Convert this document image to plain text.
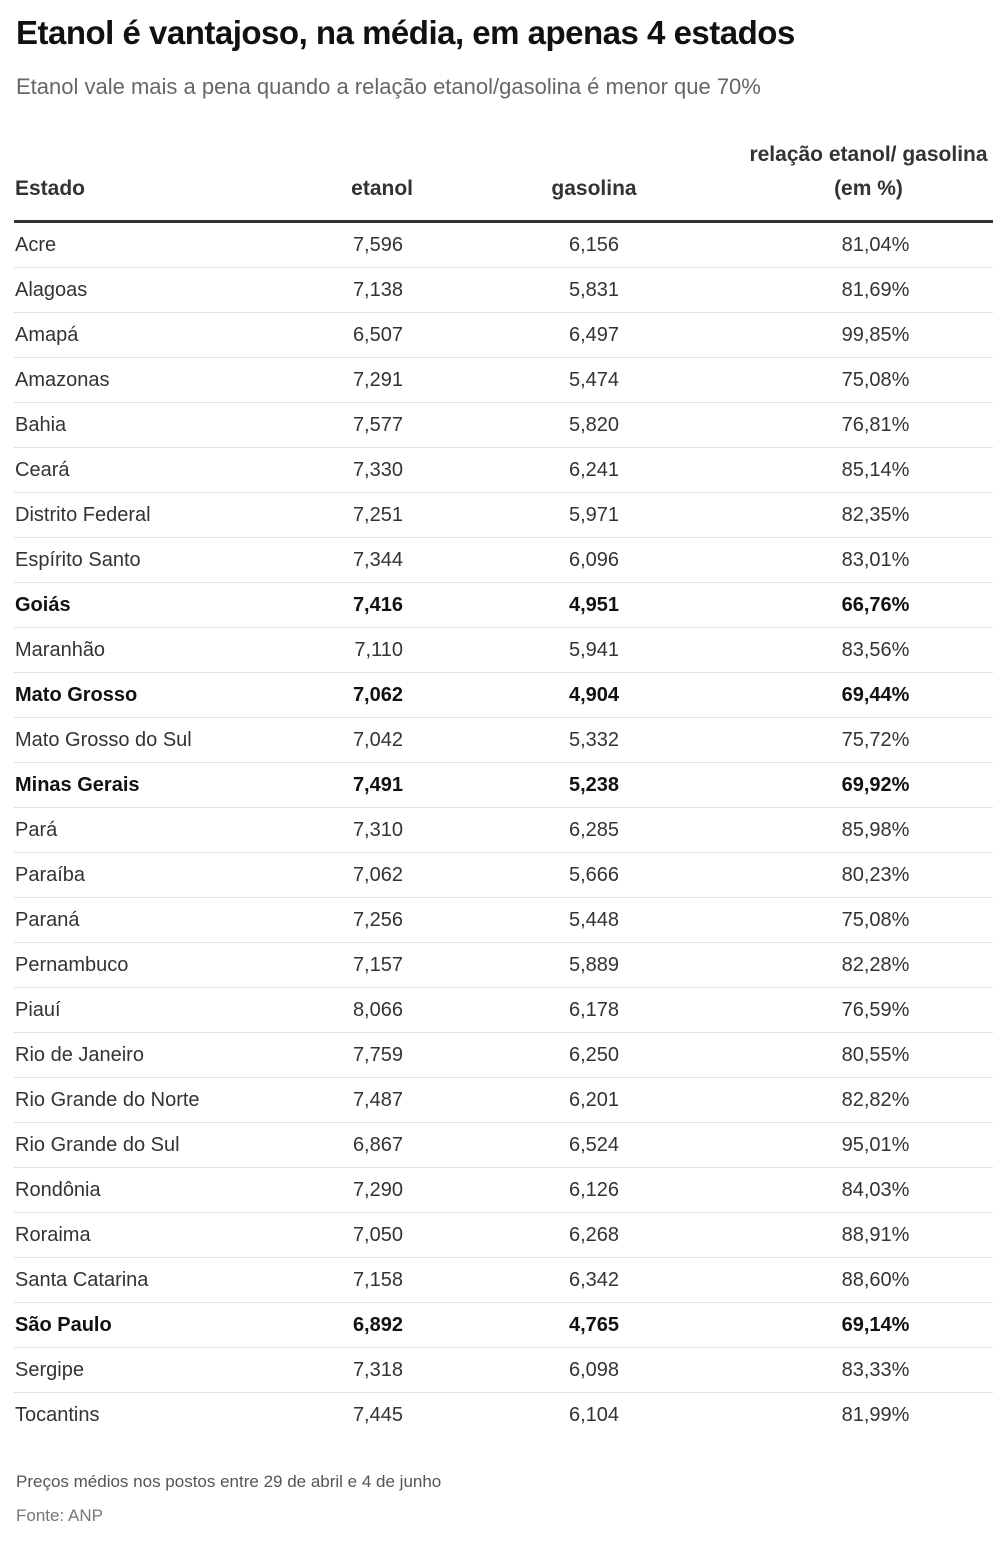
Etanol é vantajoso, na média, em apenas 4 estados
Etanol vale mais a pena quando a relação etanol/gasolina é menor que 70%
Estado	etanol	gasolina	relação etanol/ gasolina (em %)
Acre	7,596	6,156	81,04%
Alagoas	7,138	5,831	81,69%
Amapá	6,507	6,497	99,85%
Amazonas	7,291	5,474	75,08%
Bahia	7,577	5,820	76,81%
Ceará	7,330	6,241	85,14%
Distrito Federal	7,251	5,971	82,35%
Espírito Santo	7,344	6,096	83,01%
Goiás	7,416	4,951	66,76%
Maranhão	7,110	5,941	83,56%
Mato Grosso	7,062	4,904	69,44%
Mato Grosso do Sul	7,042	5,332	75,72%
Minas Gerais	7,491	5,238	69,92%
Pará	7,310	6,285	85,98%
Paraíba	7,062	5,666	80,23%
Paraná	7,256	5,448	75,08%
Pernambuco	7,157	5,889	82,28%
Piauí	8,066	6,178	76,59%
Rio de Janeiro	7,759	6,250	80,55%
Rio Grande do Norte	7,487	6,201	82,82%
Rio Grande do Sul	6,867	6,524	95,01%
Rondônia	7,290	6,126	84,03%
Roraima	7,050	6,268	88,91%
Santa Catarina	7,158	6,342	88,60%
São Paulo	6,892	4,765	69,14%
Sergipe	7,318	6,098	83,33%
Tocantins	7,445	6,104	81,99%
Preços médios nos postos entre 29 de abril e 4 de junho
Fonte: ANP
